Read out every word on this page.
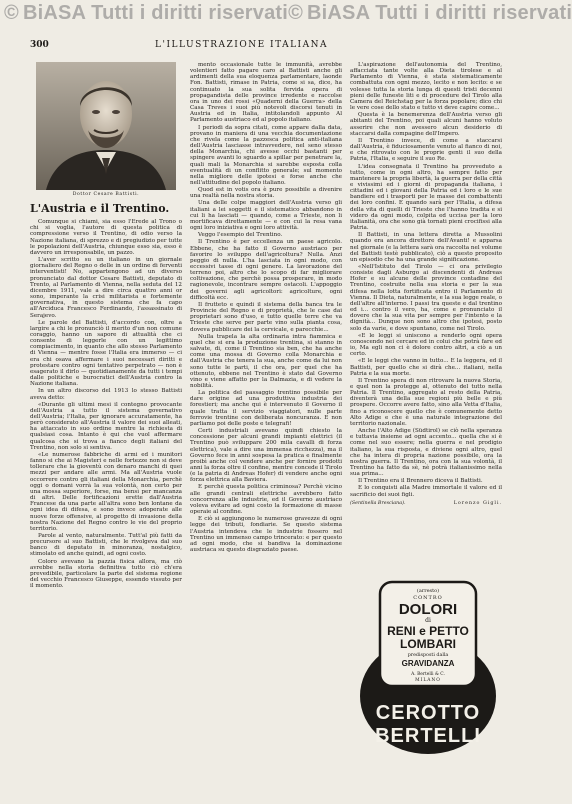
© BiASA Tutti i diritti riservati © BiASA Tutti i diritti riservati
300	L'ILLUSTRAZIONE ITALIANA
Dottor Cesare Battisti.
L'Austria e il Trentino.

Comunque si chiami, sia esso l'Erede al Trono o chi si voglia, l'autore di questa politica di compressione verso il Trentino, di odio verso la Nazione italiana, di sprezzo e di pregiudizio per tutte le popolazioni dell'Austria, chiunque esso sia, esso è davvero un irresponsabile, un pazzo.

L'aver scritto su un italiano in un giornale giornaliero del Regno o delle in un ordine di ferventi interventisti! No, appartengono ad un diverso pronunciato dal dottor Cesare Battisti, deputato di Trento, al Parlamento di Vienna, nella seduta del 12 dicembre 1911, vale a dire circa quattro anni or sono, imperante la crisi militarista e fortemente governativa, in questo sistema che fa capo all'Arciduca Francesco Ferdinando, l'assassinato di Serajevo.

Le parole del Battisti, d'accordo con, oltre a largire a chi le pronunciò il merito d'un non comune coraggio, hanno un sapore di attualità che ci consente di leggerle con un legittimo compiacimento, in quanto che allo stesso Parlamento di Vienna — mentre fosse l'Italia era immerso — ci era chi osava affermare i suoi necessari diritti e protestare contro ogni tentativo perpetrato — non è esagerato il dirlo — quotidianamente da tutti i tempi dalle politiche e burocratici dell'Austria contro la Nazione italiana.

In un altro discorso del 1913 lo stesso Battisti aveva detto:

«Durante gli ultimi mesi il contegno provocante dell'Austria a tutto il sistema governativo dell'Austria; l'Italia, per ignorare accuratamente, ha però considerato all'Austria il valore dei suoi alleati, ha attaccato in suo ordine mentre la richiesta di qualsiasi cosa. Intanto è qui che vuol affermare qualcosa che si trova a fianco degli italiani del Trentino, non solo si sentiva.

«Le numerose fabbriche di armi ed i munitori fanno si che ai Magisteri e nelle fortezze non si deve tollerare che la gioventù con denaro manchi di quei mezzi per andare alle armi. Ma all'Austria vuole occorrere contro gli italiani della Monarchia, perchè oggi o domani vorrà la sua volontà, non certo per una mossa superiore, forse, ma bensì per mancanza di altri. Delle fortificazioni erette dall'Austria Francese da una parte all'altra sono ben lontane da ogni idea di difesa, e sono invece adoperate alle nuove forze offensive, al progetto di invasione della nostra Nazione del Regno contro le vie del proprio territorio.

Parole al vento, naturalmente. Tutt'al più fatti da precursore al suo Battisti, che le rivolgeva dal suo banco di deputato in minoranza, nostalgico, stimolato ed anche quindi, ad ogni costo.

Coloro avevano la pazzia fisica allora, ma ciò avrebbe nella storia definitiva tutto ciò ch'era prevedibile, particolare la parte del sistema regione del vecchio Francesco Giuseppe, essendo vissuto per il momento.

mento occasionale tutte le immunità, avrebbe volentieri fatto pagare caro al Battisti anche gli ardimenti della sua eloquenza parlamentare, laonde Fon. Battisti, rimase in Patria, come si sa, dice, ha continuato la sua solita fervida opera di propagandista delle province irredente e raccolse ora in uno dei rossi «Quaderni della Guerra» della Casa Treves i suoi più notevoli discorsi tenuti in Austria ed in Italia, intitolandoli appunto Al Parlamento austriaco ed al popolo italiano.

I periodi da sopra citati, come appare dalla data, provano in maniera di una vecchia documentazione che rivela come la pazzesca politica anti-italiana dell'Austria lasciasse intravvedere, nel seno stesso della Monarchia, chi avesse occhi bastanti per spingere avanti lo sguardo a spillar per penetrare la, quali mali la Monarchia si sarebbe esposta colla eventualità di un conflitto generale; sul momento nella migliore delle ipotesi e forse anche che nell'attitudine del popolo italiano.

Quod est in votis ora è pure possibile a divenire una realtà nella nostra storia.

Una delle colpe maggiori dell'Austria verso gli italiani a lei soggetti e il sistematico abbandono in cui li ha lasciati — quando, come a Trieste, non li mortificava direttamente — e con cui la resa vana ogni loro iniziativa e ogni loro attività.

Veggo l'esempio del Trentino.

Il Trentino è per eccellenza un paese agricolo. Ebbene, che ha fatto il Governo austriaco per favorire lo sviluppo dell'agricoltura? Nulla. Anzi peggio di nulla. L'ha lasciata in ogni modo, con eccessivi tasse di ogni genere. La lavorazione del terreno poi, altro che lo scopo di far migliorare coltivazione, che perchè possa prosperare, in modo ragionevole, incontrare sempre ostacoli. L'appoggio dei governi agli agricoltori: agricolture, ogni difficoltà ecc.

Il frutteto e quindi il sistema della banca tra le Provincie del Regno e di proprietà, che le case dai proprietari sono d'uso, e tutto quelle terre che va Trieste che serve per parte vino sulla pianta cosa, doveva pubblicare dei la cervicale, e parecchie...

Nulla trapela la alta ordinaria intra fiammica e quel che si era la produzione trentina, si stanno in salvate, di, come il Trentino sia ben, che ha anche come una mossa di Governo colla Monarchia e dall'Austria che tenera la sua, anche come da lui non sono tutte le parti, il che ora, per quel che ha ottenuto, ebbene nel Trentino è stato dal Governo vino e viene affatto per la Dalmazia, e di vedere la nobilità.

La politica del passaggio trentino possibile per dare origine ad una produttiva industria dei forestieri; ma anche qui è intervenuto il Governo il quale tratta il servizio viaggiatori, nulle parte ferrovie trentine con deliberata noncuranza. E non parliamo poi delle poste e telegrafi!

Certi industriali avevano quindi chiesto la concessione per alcuni grandi impianti elettrici (il Trentino può sviluppare 200 mila cavalli di forza elettrica), vale a dire una immensa ricchezza), ma il Governo fece in anni sospesa la pratica e finalmente proibì anche col vendere anche per fornire prodotti anni la forza oltre il confine, mentre concede il Tirolo (e la patria di Andreas Hofer) di vendere anche ogni forza elettrica alla Baviera.

E perchè questa politica criminosa? Perchè vicino alle grandi centrali elettriche avrebbero fatto concorrenza alle industrie, ed il Governo austriaco voleva evitare ad ogni costo la formazione di masse operaie al confine.

E ciò si aggiungono le numerose gravezze di ogni legge dei tributi, fondiarie. Se questo sistema l'Austria intendeva che le industrie fossero nel Trentino un immenso campo trincerato: e per questo ad ogni modo, che si bandiva la dominazione austriaca su questo disgraziato paese.

L'aspirazione dell'autonomia del Trentino, affacciata tante volte alla Dieta tirolese e al Parlamento di Vienna, è stata sistematicamente combattuta con ogni mezzo, lecito e non lecito: e se volesse tutta la storia lunga di questi tristi decenni pieni delle funeste liti e di procedure del Tirolo alla Camera del Reichstag per la forza popolare; dico chi le vere cose dello stato e tutto vi deve capire come...

Questa è la benemerenza dell'Austria verso gli abitanti del Trentino, poi quali alcuni hanno voluto asserire che non avessero alcun desiderio di staccarsi dalla compagine dell'Impero.

Il Trentino invece, di come a staccarsi dall'Austria, è fiduciosamente venuto al fianco di noi, e che ritrovato con le proprie genti il suo della Patria, l'Italia, e seguire il suo Re.

L'idea consegnata il Trentino ha provveduto a tutto, come in ogni altro, ha sempre fatto per mantenere la propria libertà, la guerra per della città e vivissimi ed i giorni di propaganda italiana, i cittadini ed i giovani della Patria ed i loro e le sue bandiere ed i trasporti per le masse dei combattenti dei loro confini. E quando sarà per l'Italia, a difesa della vita di quelli di Trieste che l'hanno tradita e si videro da ogni modo, colpita ed uccisa per la loro italianità, ora che sono già tornati pieni crocifissi alla Patria.

Il Battisti, in una lettera diretta a Mussolini quando era ancora direttore dell'Avanti! e apparsa nel giornale (e la lettera sarà ora raccolta nel volume del Battisti testè pubblicato), ciò a questo proposito un episodio che ha una grande significazione.

«Nell'Istituto del Tirolo — ci ora privilegio consiste dagli Asburgo ai discendenti di Andreas Hofer e su alcune delle province contadine del Trentino, costruite nella sua storia e per la sua difesa nella lotta fortificata entro il Parlamento di Vienna. Il Dieta, naturalmente, e la sua legge reale, o dell'altre all'interno. I passi tra queste e dal trentino ed i... contro il vero, ha, come e pronunciato il dovere che la sua vita per sempre per l'intento e la dignità... Dunque non sono altro che ipotesi, posto solo da varie, e dove spuntano, come nel Tirolo.

«E le leggi si uniscono a renderlo ogni opera conoscendo nei cercare ed in colui che potrà fare ed io, Ma egli non ci è dolore contro altri, a ciò a un certo.

«E le leggi che vanno in tutto... E la leggera, ed il Battisti, per quello che si dirà che... italiani, nella Patria e la sua morte.

Il Trentino spera di non ritrovare la nuova Storia, e quel non la protegge al, ottenuto del tutto nella Patria. Il Trentino, aggregato al resto della Patria, diventerà una della sue regioni più belle e più prospere. Occorre avere fatto, sino alla Vetta d'Italia, fino a riconoscere quello che è comunemente detto Alto Adige e che è una naturale integrazione del territorio nazionale.

Anche l'Alto Adige (Südtirol) se ciò nella speranza e tuttavia insieme ad ogni accento... quella che si è come nel suo essere; nella guerra e nel prodigio italiano, la sua risposta, e diviene ogni altro, quel che ha intera di propria nazione possibile, ora la nostra guerra. Il Trentino, ora con la sua volontà, il Trentino ha fatto da sè, nè potrà italianissimo nella sua prima...

Il Trentino era il Brennero diceva il Battisti.

E lo conquisti alla Madre immortale il valore ed il sacrificio dei suoi figli.

(Sentinella Bresciana).	Lorenzo Gigli.
(arresto)
CONTRO
DOLORI
di
RENI e PETTO
LOMBARI
predisposti dalla
GRAVIDANZA
A. Bertelli & C.
MILANO
CEROTTO
BERTELLI
